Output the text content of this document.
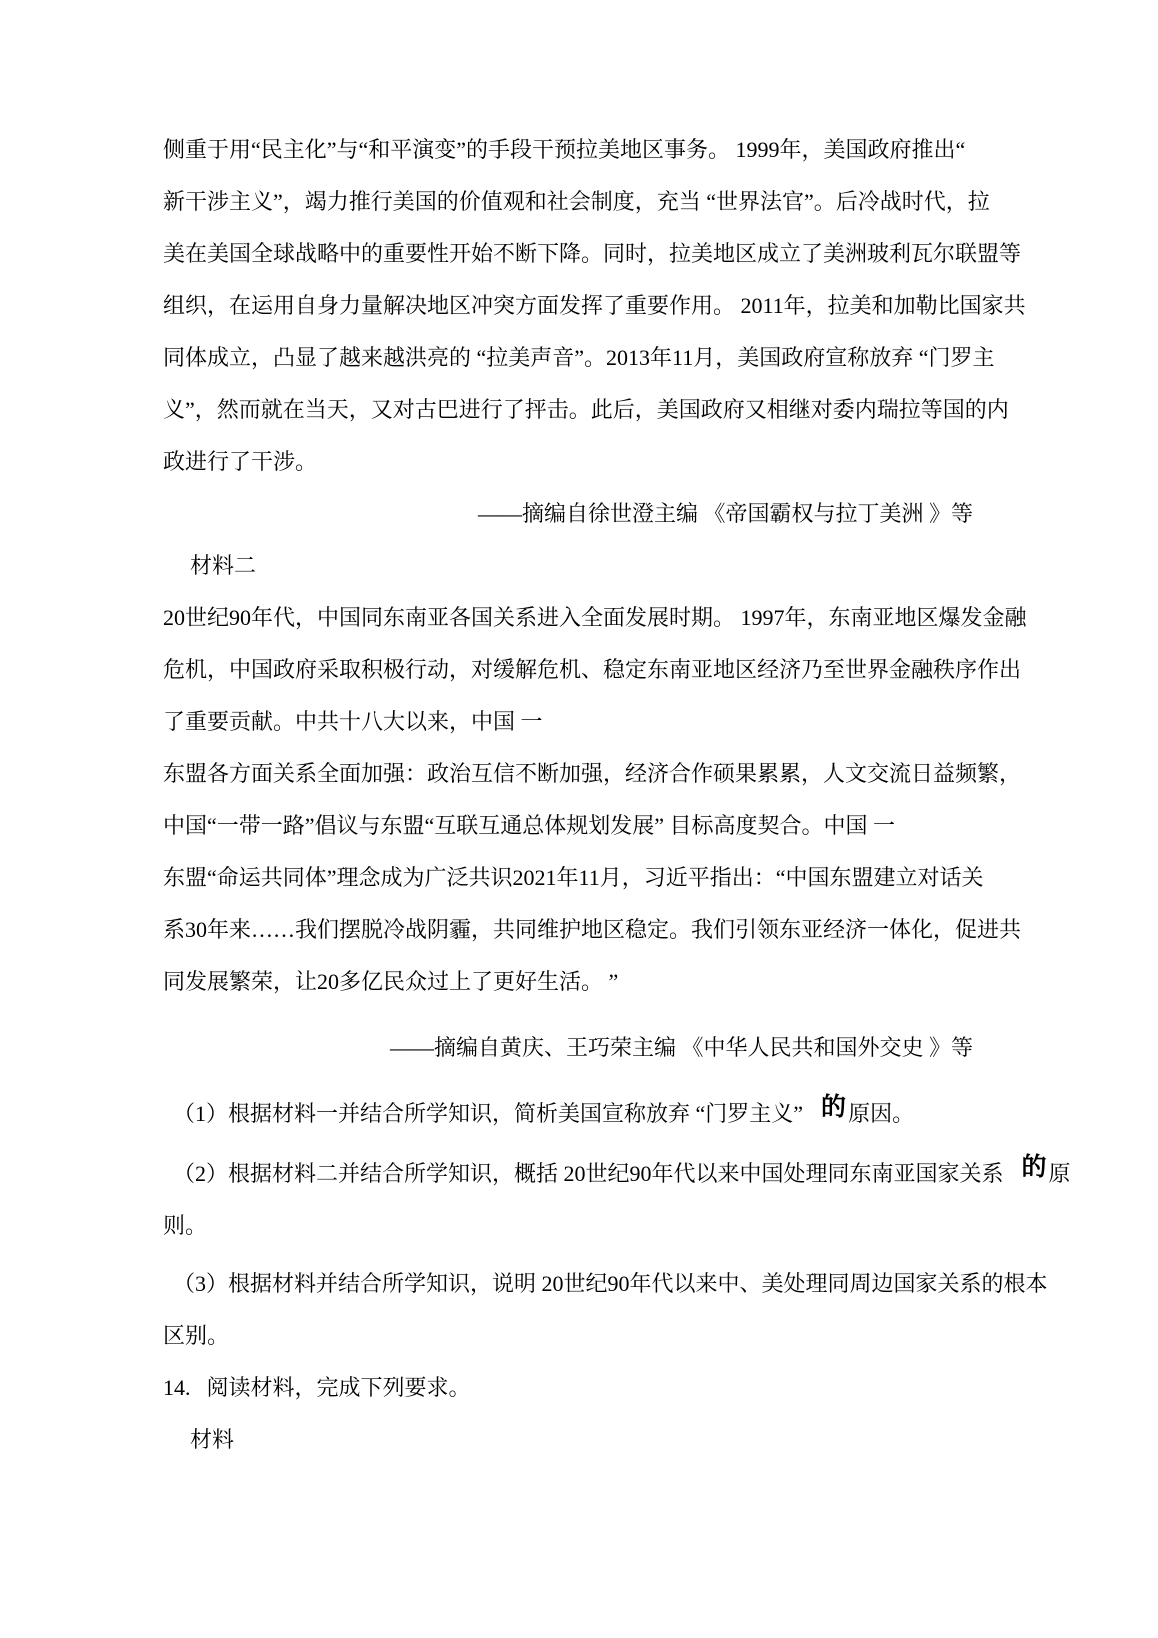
侧重于用“民主化”与“和平演变”的手段干预拉美地区事务。 1999年，美国政府推出“
新干涉主义”，竭力推行美国的价值观和社会制度，充当 “世界法官”。后冷战时代，拉
美在美国全球战略中的重要性开始不断下降。同时，拉美地区成立了美洲玻利瓦尔联盟等
组织，在运用自身力量解决地区冲突方面发挥了重要作用。 2011年，拉美和加勒比国家共
同体成立，凸显了越来越洪亮的 “拉美声音”。2013年11月，美国政府宣称放弃 “门罗主
义”，然而就在当天，又对古巴进行了抨击。此后，美国政府又相继对委内瑞拉等国的内
政进行了干涉。
——摘编自徐世澄主编 《帝国霸权与拉丁美洲 》等
材料二
20世纪90年代，中国同东南亚各国关系进入全面发展时期。 1997年，东南亚地区爆发金融
危机，中国政府采取积极行动，对缓解危机、稳定东南亚地区经济乃至世界金融秩序作出
了重要贡献。中共十八大以来，中国 一
东盟各方面关系全面加强：政治互信不断加强，经济合作硕果累累，人文交流日益频繁，
中国“一带一路”倡议与东盟“互联互通总体规划发展” 目标高度契合。中国 一
东盟“命运共同体”理念成为广泛共识2021年11月，习近平指出：“中国东盟建立对话关
系30年来……我们摆脱冷战阴霾，共同维护地区稳定。我们引领东亚经济一体化，促进共
同发展繁荣，让20多亿民众过上了更好生活。 ”
——摘编自黄庆、王巧荣主编 《中华人民共和国外交史 》等
（1）根据材料一并结合所学知识，简析美国宣称放弃 “门罗主义” 的原因。
（2）根据材料二并结合所学知识，概括 20世纪90年代以来中国处理同东南亚国家关系 的原
则。
（3）根据材料并结合所学知识，说明 20世纪90年代以来中、美处理同周边国家关系的根本
区别。
14. 阅读材料，完成下列要求。
材料
